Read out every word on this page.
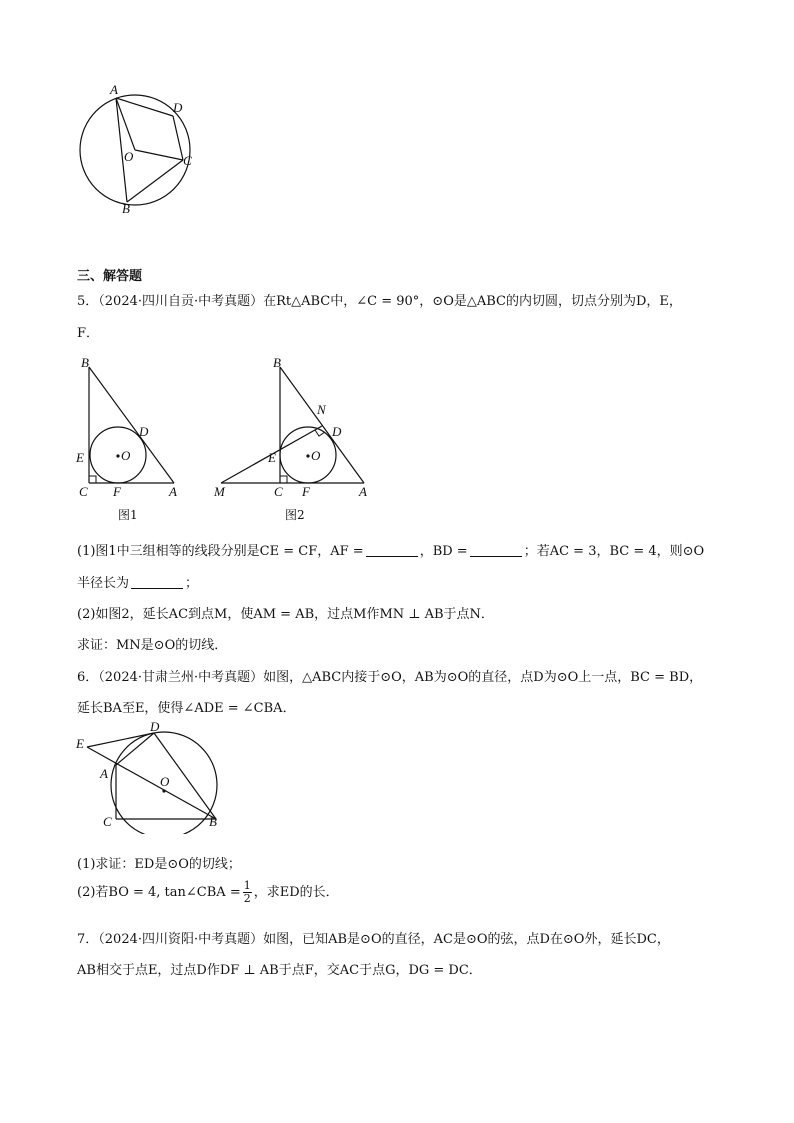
A
D
O	C
B
三、解答题
5．（2024·四川自贡·中考真题）在Rt△ABC中，∠C = 90°，⊙O是△ABC的内切圆，切点分别为D，E，
F．
B
D
E	O
C F	A
图1
B
N
D
E	O
M	C F	A
图2
(1)图1中三组相等的线段分别是CE = CF，AF =	，BD =	；若AC = 3，BC = 4，则⊙O
半径长为	；
(2)如图2，延长AC到点M，使AM = AB，过点M作MN ⊥ AB于点N．
求证：MN是⊙O的切线．
6．（2024·甘肃兰州·中考真题）如图，△ABC内接于⊙O，AB为⊙O的直径，点D为⊙O上一点，BC = BD，
延长BA至E，使得∠ADE = ∠CBA．
E
D
A
O
C	B
(1)求证：ED是⊙O的切线；
(2)若BO = 4, tan∠CBA = $\frac{1}{2}$ ，求ED的长．
7．（2024·四川资阳·中考真题）如图，已知AB是⊙O的直径，AC是⊙O的弦，点D在⊙O外，延长DC，
AB相交于点E，过点D作DF ⊥ AB于点F，交AC于点G，DG = DC．
